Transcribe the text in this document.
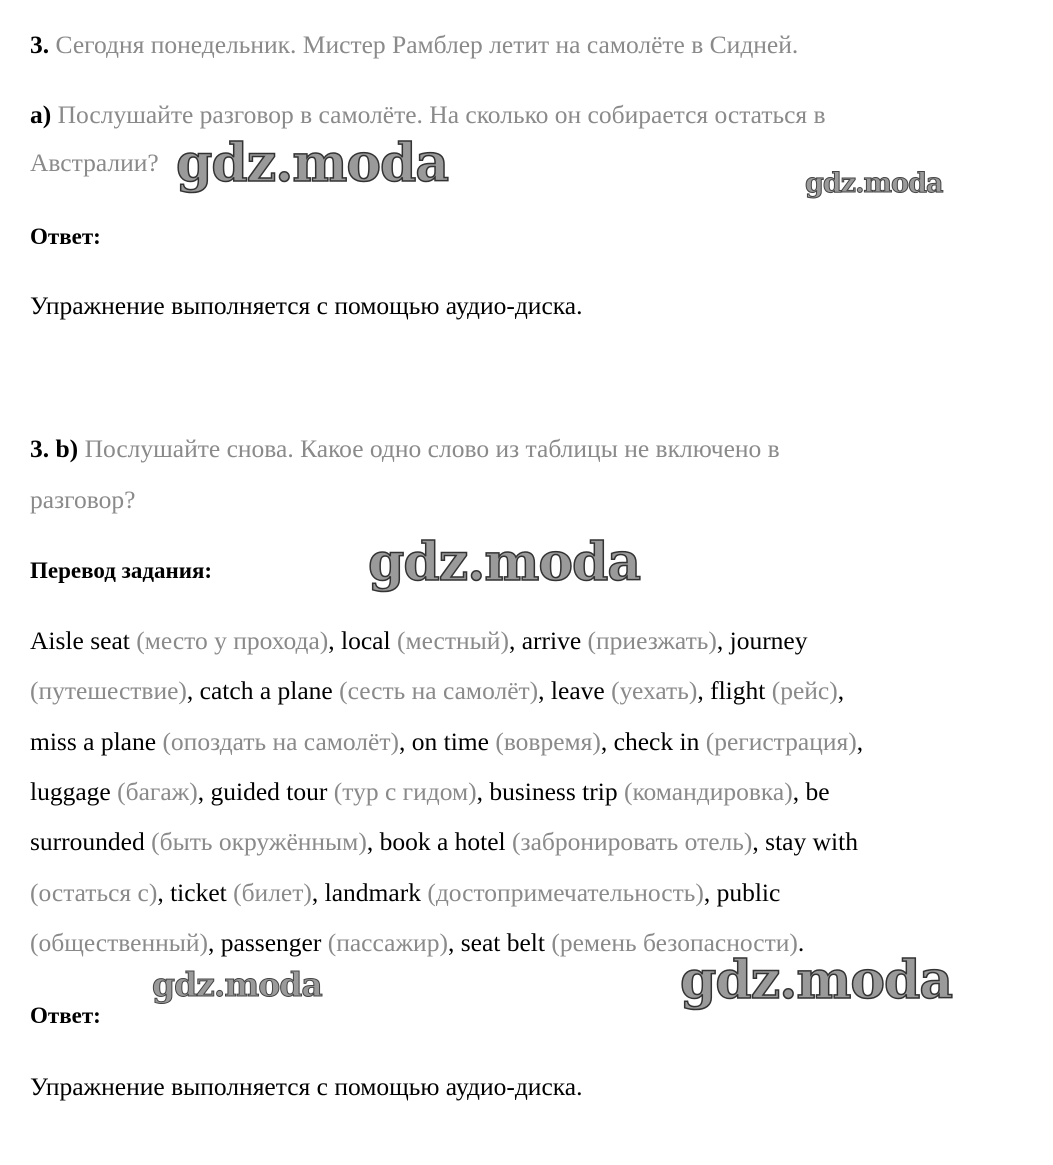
3. Сегодня понедельник. Мистер Рамблер летит на самолёте в Сидней.
a) Послушайте разговор в самолёте. На сколько он собирается остаться в
Австралии?
Ответ:
Упражнение выполняется с помощью аудио-диска.
3. b) Послушайте снова. Какое одно слово из таблицы не включено в
разговор?
Перевод задания:
Aisle seat (место у прохода), local (местный), arrive (приезжать), journey
(путешествие), catch a plane (сесть на самолёт), leave (уехать), flight (рейс),
miss a plane (опоздать на самолёт), on time (вовремя), check in (регистрация),
luggage (багаж), guided tour (тур с гидом), business trip (командировка), be
surrounded (быть окружённым), book a hotel (забронировать отель), stay with
(остаться с), ticket (билет), landmark (достопримечательность), public
(общественный), passenger (пассажир), seat belt (ремень безопасности).
Ответ:
Упражнение выполняется с помощью аудио-диска.
gdz.moda	gdz.moda
gdz.moda
gdz.moda	gdz.moda
